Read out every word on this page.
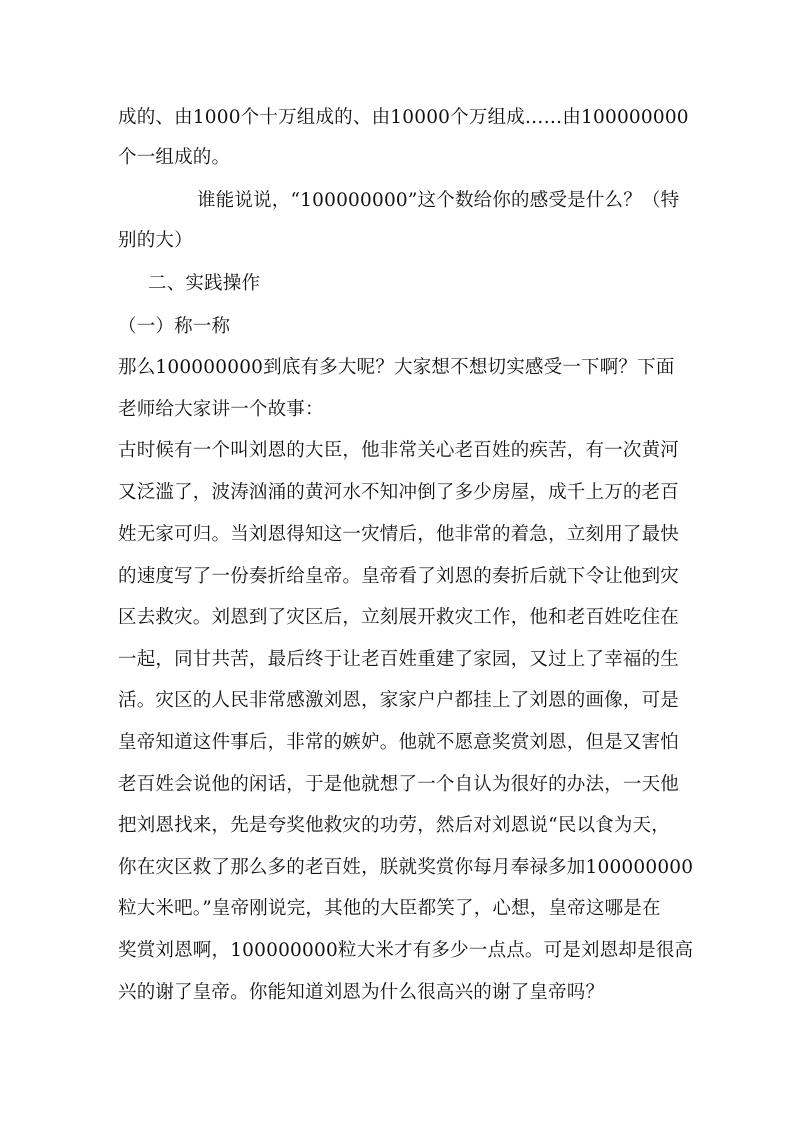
成的、由1000个十万组成的、由10000个万组成……由100000000
个一组成的。
谁能说说，“100000000”这个数给你的感受是什么？（特
别的大）
二、实践操作
（一）称一称
那么100000000到底有多大呢？大家想不想切实感受一下啊？下面
老师给大家讲一个故事：
古时候有一个叫刘恩的大臣，他非常关心老百姓的疾苦，有一次黄河
又泛滥了，波涛汹涌的黄河水不知冲倒了多少房屋，成千上万的老百
姓无家可归。当刘恩得知这一灾情后，他非常的着急，立刻用了最快
的速度写了一份奏折给皇帝。皇帝看了刘恩的奏折后就下令让他到灾
区去救灾。刘恩到了灾区后，立刻展开救灾工作，他和老百姓吃住在
一起，同甘共苦，最后终于让老百姓重建了家园，又过上了幸福的生
活。灾区的人民非常感激刘恩，家家户户都挂上了刘恩的画像，可是
皇帝知道这件事后，非常的嫉妒。他就不愿意奖赏刘恩，但是又害怕
老百姓会说他的闲话，于是他就想了一个自认为很好的办法，一天他
把刘恩找来，先是夸奖他救灾的功劳，然后对刘恩说“民以食为天，
你在灾区救了那么多的老百姓，朕就奖赏你每月奉禄多加100000000
粒大米吧。”皇帝刚说完，其他的大臣都笑了，心想，皇帝这哪是在
奖赏刘恩啊，100000000粒大米才有多少一点点。可是刘恩却是很高
兴的谢了皇帝。你能知道刘恩为什么很高兴的谢了皇帝吗？
